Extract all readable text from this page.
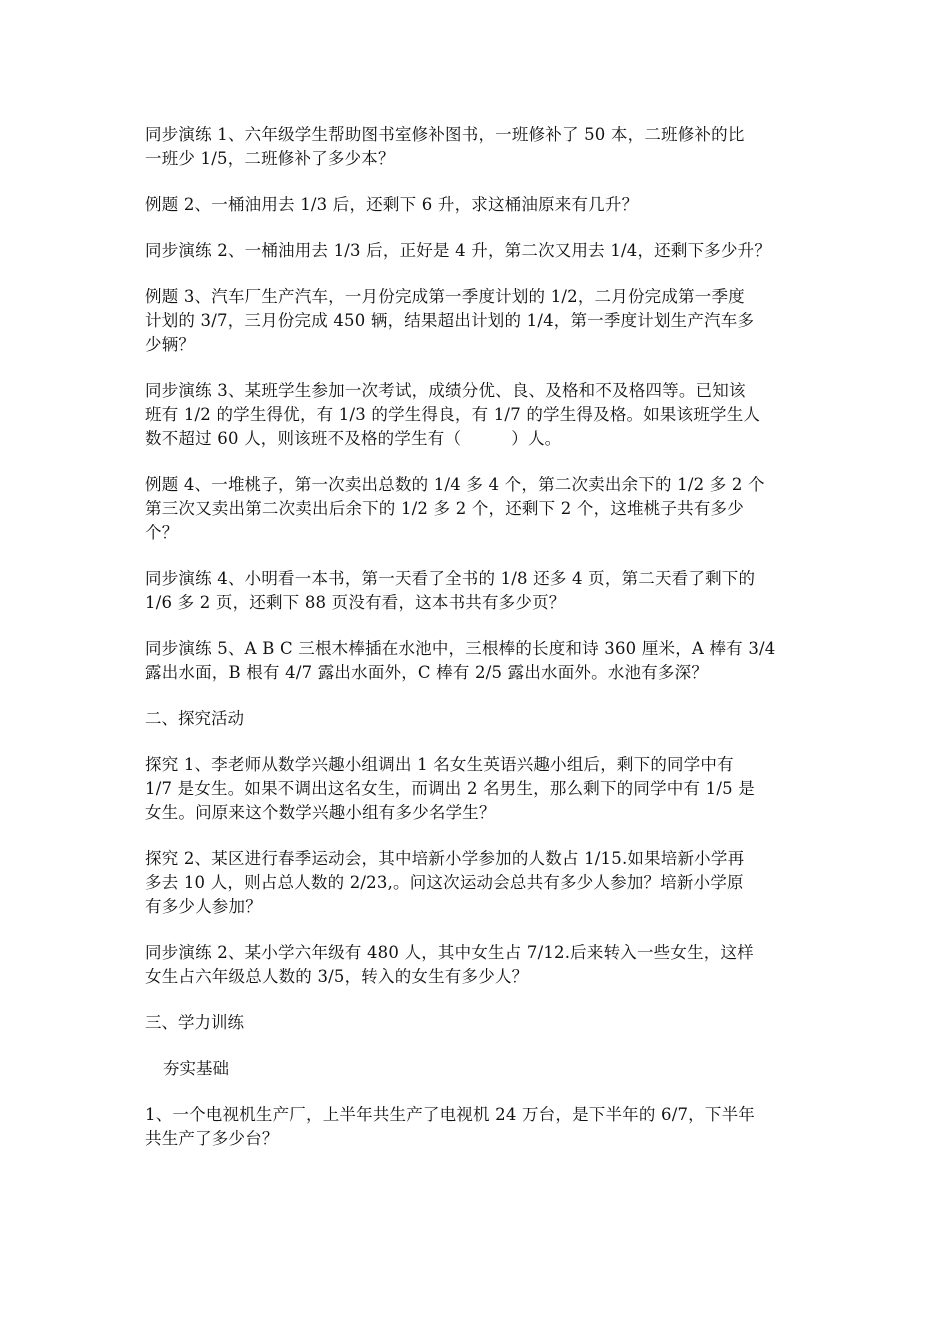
同步演练 1、六年级学生帮助图书室修补图书，一班修补了 50 本，二班修补的比
一班少 1/5，二班修补了多少本？

例题 2、一桶油用去 1/3 后，还剩下 6 升，求这桶油原来有几升？

同步演练 2、一桶油用去 1/3 后，正好是 4 升，第二次又用去 1/4，还剩下多少升？

例题 3、汽车厂生产汽车，一月份完成第一季度计划的 1/2，二月份完成第一季度
计划的 3/7，三月份完成 450 辆，结果超出计划的 1/4，第一季度计划生产汽车多
少辆？

同步演练 3、某班学生参加一次考试，成绩分优、良、及格和不及格四等。已知该
班有 1/2 的学生得优，有 1/3 的学生得良，有 1/7 的学生得及格。如果该班学生人
数不超过 60 人，则该班不及格的学生有（　　　）人。

例题 4、一堆桃子，第一次卖出总数的 1/4 多 4 个，第二次卖出余下的 1/2 多 2 个
第三次又卖出第二次卖出后余下的 1/2 多 2 个，还剩下 2 个，这堆桃子共有多少
个？

同步演练 4、小明看一本书，第一天看了全书的 1/8 还多 4 页，第二天看了剩下的
1/6 多 2 页，还剩下 88 页没有看，这本书共有多少页？

同步演练 5、A B C 三根木棒插在水池中，三根棒的长度和诗 360 厘米，A 棒有 3/4
露出水面，B 根有 4/7 露出水面外，C 棒有 2/5 露出水面外。水池有多深？

二、探究活动

探究 1、李老师从数学兴趣小组调出 1 名女生英语兴趣小组后，剩下的同学中有
1/7 是女生。如果不调出这名女生，而调出 2 名男生，那么剩下的同学中有 1/5 是
女生。问原来这个数学兴趣小组有多少名学生？

探究 2、某区进行春季运动会，其中培新小学参加的人数占 1/15.如果培新小学再
多去 10 人，则占总人数的 2/23,。问这次运动会总共有多少人参加？培新小学原
有多少人参加？

同步演练 2、某小学六年级有 480 人，其中女生占 7/12.后来转入一些女生，这样
女生占六年级总人数的 3/5，转入的女生有多少人？

三、学力训练

夯实基础

1、一个电视机生产厂，上半年共生产了电视机 24 万台，是下半年的 6/7，下半年
共生产了多少台？
